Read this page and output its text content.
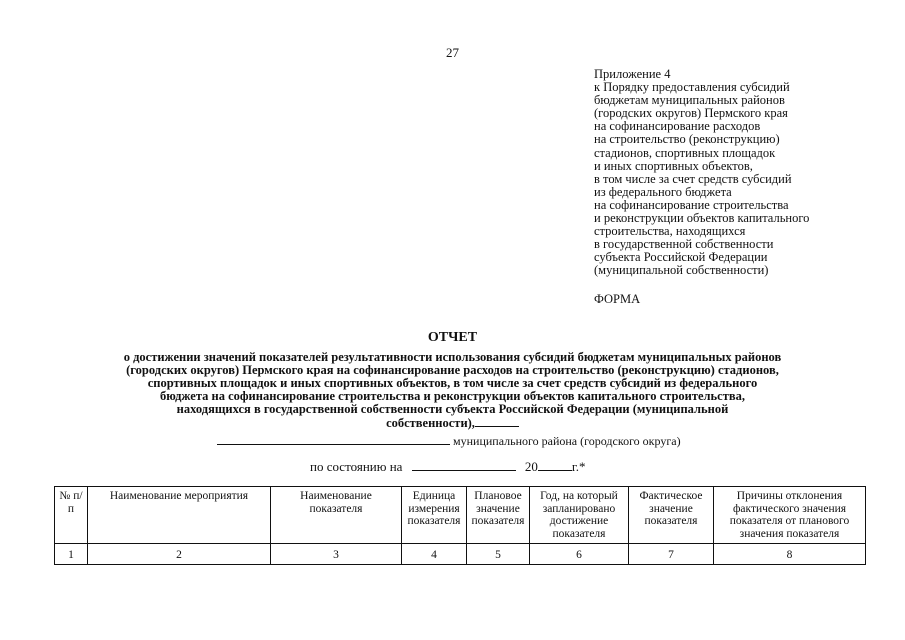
27
Приложение 4
к Порядку предоставления субсидий
бюджетам муниципальных районов
(городских округов) Пермского края
на софинансирование расходов
на строительство (реконструкцию)
стадионов, спортивных площадок
и иных спортивных объектов,
в том числе за счет средств субсидий
из федерального бюджета
на софинансирование строительства
и реконструкции объектов капитального
строительства, находящихся
в государственной собственности
субъекта Российской Федерации
(муниципальной собственности)
ФОРМА
ОТЧЕТ
о достижении значений показателей результативности использования субсидий бюджетам муниципальных районов
(городских округов) Пермского края на софинансирование расходов на строительство (реконструкцию) стадионов,
спортивных площадок и иных спортивных объектов, в том числе за счет средств субсидий из федерального
бюджета на софинансирование строительства и реконструкции объектов капитального строительства,
находящихся в государственной собственности субъекта Российской Федерации (муниципальной
собственности),
муниципального района (городского округа)
по состоянию на	20	г.*
№ п/п	Наименование мероприятия	Наименование показателя	Единица измерения показателя	Плановое значение показателя	Год, на который запланировано достижение показателя	Фактическое значение показателя	Причины отклонения фактического значения показателя от планового значения показателя
1	2	3	4	5	6	7	8
